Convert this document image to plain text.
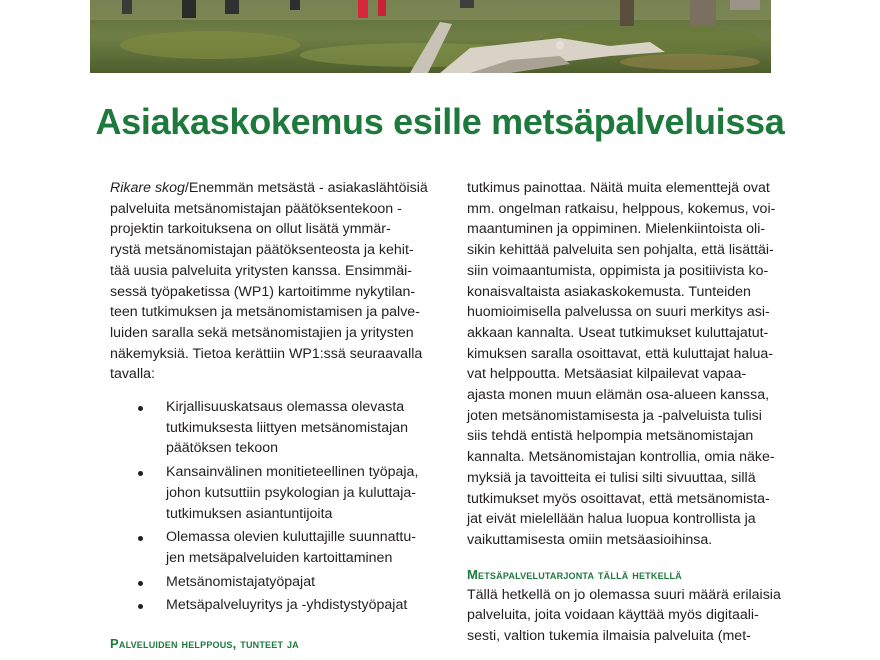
Asiakaskokemus esille metsäpalveluissa
Rikare skog/Enemmän metsästä - asiakaslähtöisiä
palveluita metsänomistajan päätöksentekoon -
projektin tarkoituksena on ollut lisätä ymmär-
rystä metsänomistajan päätöksenteosta ja kehit-
tää uusia palveluita yritysten kanssa. Ensimmäi-
sessä työpaketissa (WP1) kartoitimme nykytilan-
teen tutkimuksen ja metsänomistamisen ja palve-
luiden saralla sekä metsänomistajien ja yritysten
näkemyksiä. Tietoa kerättiin WP1:ssä seuraavalla
tavalla:
Kirjallisuuskatsaus olemassa olevasta
tutkimuksesta liittyen metsänomistajan
päätöksen tekoon
Kansainvälinen monitieteellinen työpaja,
johon kutsuttiin psykologian ja kuluttaja-
tutkimuksen asiantuntijoita
Olemassa olevien kuluttajille suunnattu-
jen metsäpalveluiden kartoittaminen
Metsänomistajatyöpajat
Metsäpalveluyritys ja -yhdistystyöpajat
Palveluiden helppous, tunteet ja
tutkimus painottaa. Näitä muita elementtejä ovat
mm. ongelman ratkaisu, helppous, kokemus, voi-
maantuminen ja oppiminen. Mielenkiintoista oli-
sikin kehittää palveluita sen pohjalta, että lisättäi-
siin voimaantumista, oppimista ja positiivista ko-
konaisvaltaista asiakaskokemusta. Tunteiden
huomioimisella palvelussa on suuri merkitys asi-
akkaan kannalta. Useat tutkimukset kuluttajatut-
kimuksen saralla osoittavat, että kuluttajat halua-
vat helppoutta. Metsäasiat kilpailevat vapaa-
ajasta monen muun elämän osa-alueen kanssa,
joten metsänomistamisesta ja -palveluista tulisi
siis tehdä entistä helpompia metsänomistajan
kannalta. Metsänomistajan kontrollia, omia näke-
myksiä ja tavoitteita ei tulisi silti sivuuttaa, sillä
tutkimukset myös osoittavat, että metsänomista-
jat eivät mielellään halua luopua kontrollista ja
vaikuttamisesta omiin metsäasioihinsa.
Metsäpalvelutarjonta tällä hetkellä
Tällä hetkellä on jo olemassa suuri määrä erilaisia
palveluita, joita voidaan käyttää myös digitaali-
sesti, valtion tukemia ilmaisia palveluita (met-
